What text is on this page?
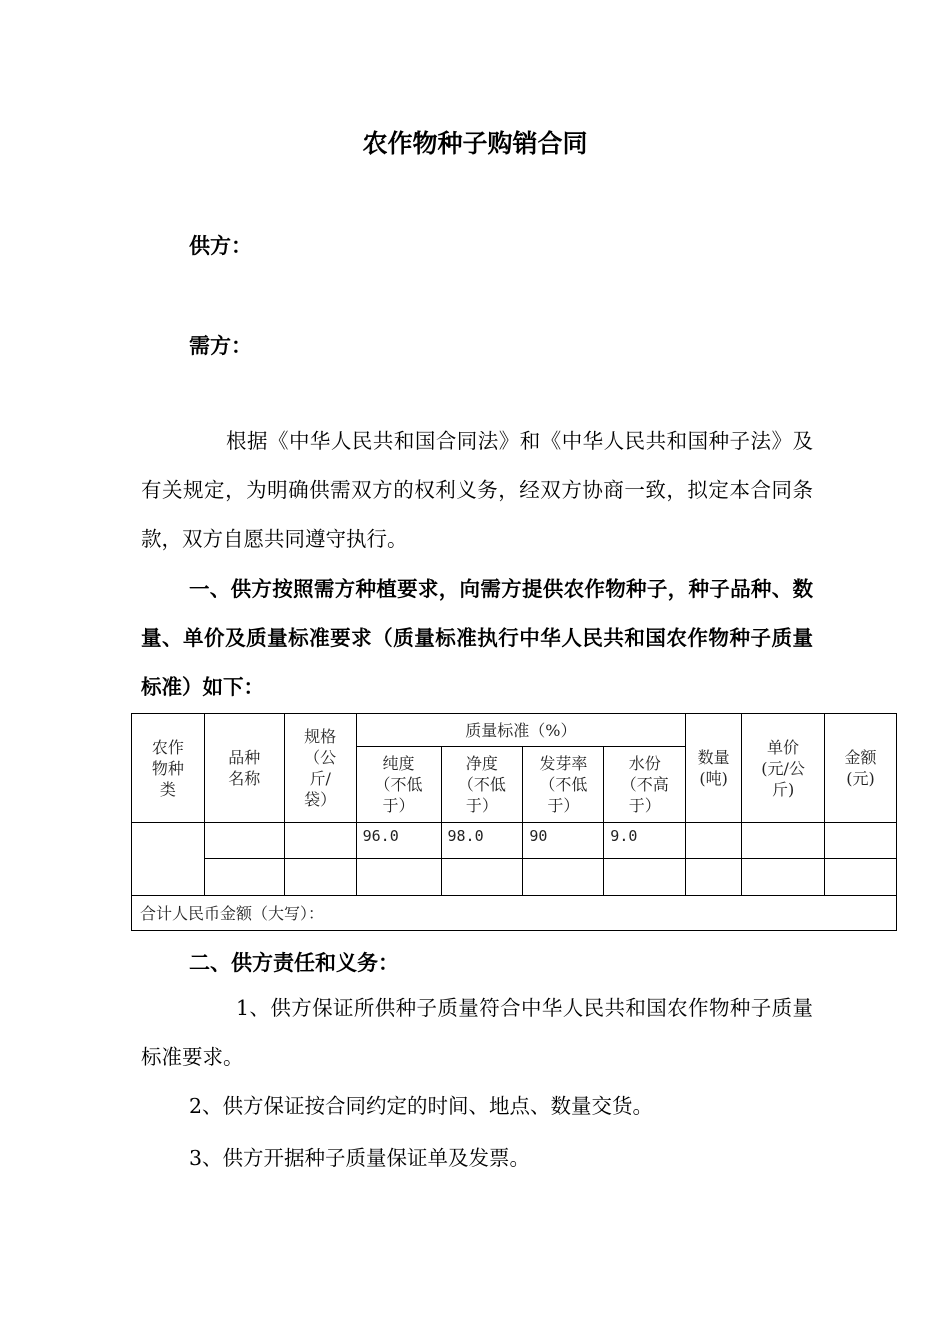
农作物种子购销合同
供方：
需方：
根据《中华人民共和国合同法》和《中华人民共和国种子法》及有关规定，为明确供需双方的权利义务，经双方协商一致，拟定本合同条款，双方自愿共同遵守执行。
一、供方按照需方种植要求，向需方提供农作物种子，种子品种、数量、单价及质量标准要求（质量标准执行中华人民共和国农作物种子质量标准）如下：
农作物种类	品种名称	规格（公斤/袋）	质量标准（%）				数量(吨)	单价(元/公斤)	金额(元)
			纯度（不低于）	净度（不低于）	发芽率（不低于）	水份（不高于）			
			96.0	98.0	90	9.0			

合计人民币金额（大写）：									
二、供方责任和义务：
1、供方保证所供种子质量符合中华人民共和国农作物种子质量标准要求。
2、供方保证按合同约定的时间、地点、数量交货。
3、供方开据种子质量保证单及发票。
